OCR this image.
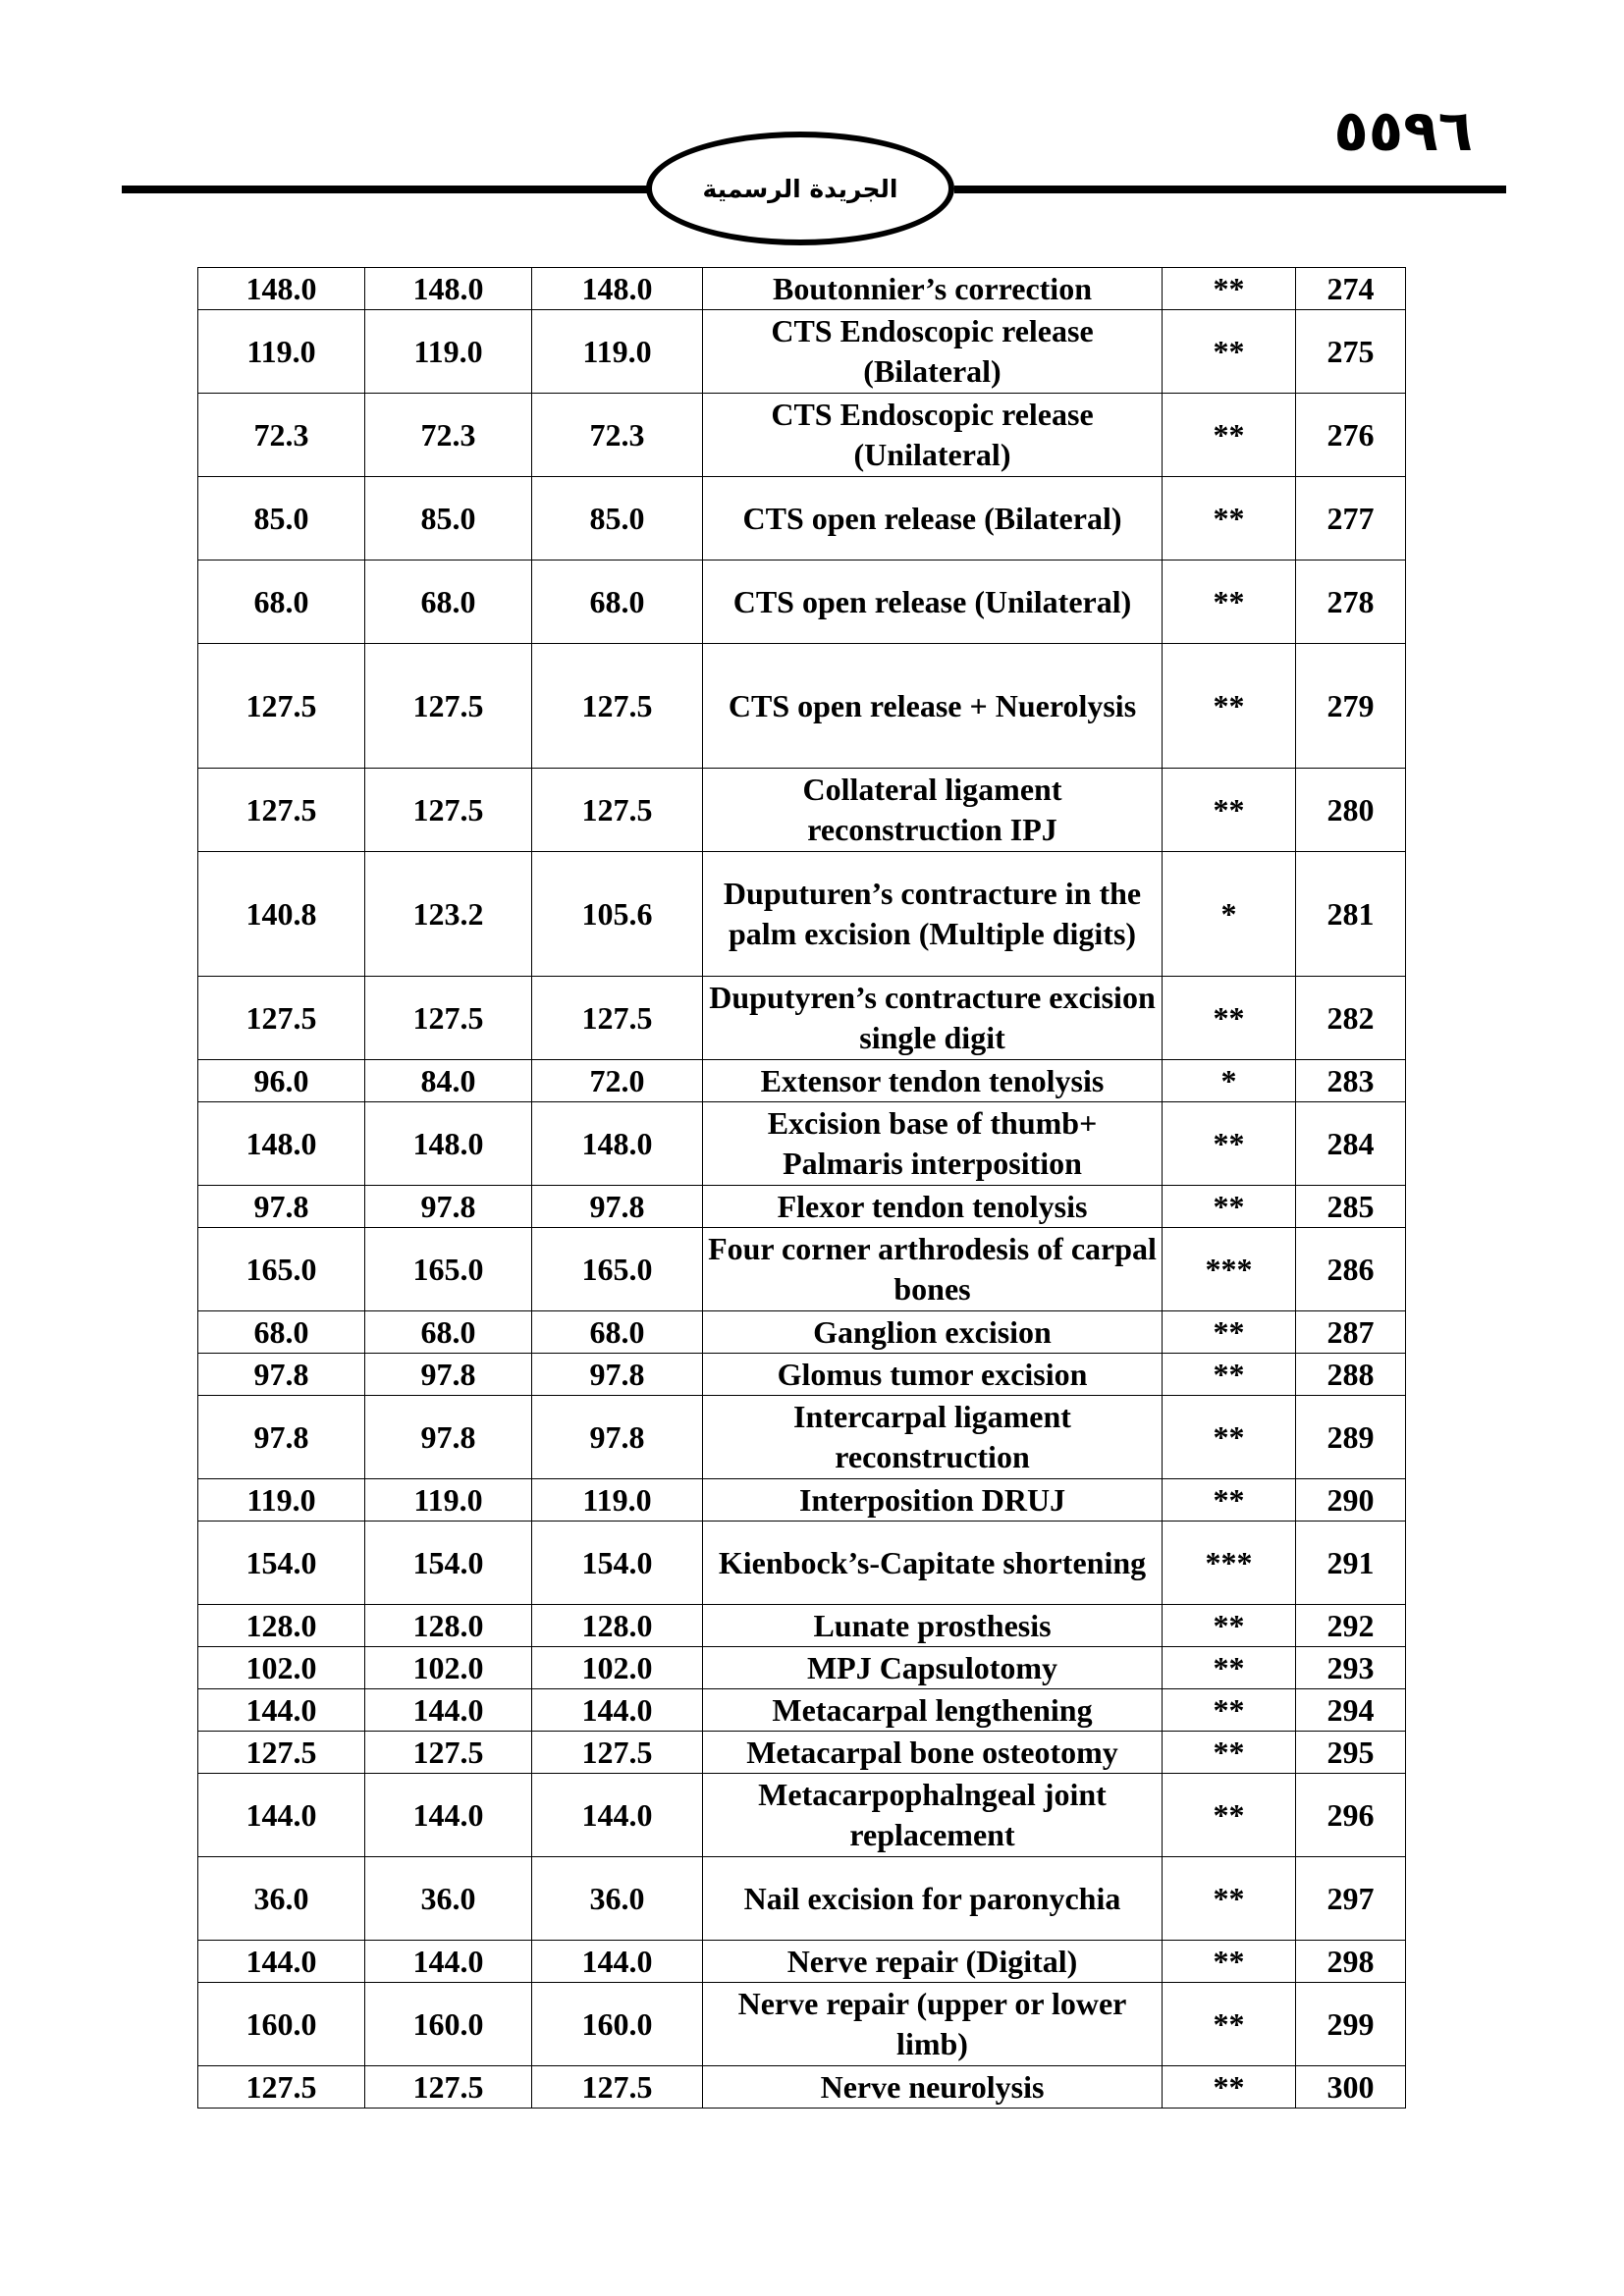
٥٥٩٦
الجريدة الرسمية
148.0	148.0	148.0	Boutonnier’s correction	**	274
119.0	119.0	119.0	CTS Endoscopic release (Bilateral)	**	275
72.3	72.3	72.3	CTS Endoscopic release (Unilateral)	**	276
85.0	85.0	85.0	CTS open release (Bilateral)	**	277
68.0	68.0	68.0	CTS open release (Unilateral)	**	278
127.5	127.5	127.5	CTS open release + Nuerolysis	**	279
127.5	127.5	127.5	Collateral ligament reconstruction IPJ	**	280
140.8	123.2	105.6	Duputuren’s contracture in the palm excision (Multiple digits)	*	281
127.5	127.5	127.5	Duputyren’s contracture excision single digit	**	282
96.0	84.0	72.0	Extensor tendon tenolysis	*	283
148.0	148.0	148.0	Excision base of thumb+ Palmaris interposition	**	284
97.8	97.8	97.8	Flexor tendon tenolysis	**	285
165.0	165.0	165.0	Four corner arthrodesis of carpal bones	***	286
68.0	68.0	68.0	Ganglion excision	**	287
97.8	97.8	97.8	Glomus tumor excision	**	288
97.8	97.8	97.8	Intercarpal ligament reconstruction	**	289
119.0	119.0	119.0	Interposition DRUJ	**	290
154.0	154.0	154.0	Kienbock’s-Capitate shortening	***	291
128.0	128.0	128.0	Lunate prosthesis	**	292
102.0	102.0	102.0	MPJ Capsulotomy	**	293
144.0	144.0	144.0	Metacarpal lengthening	**	294
127.5	127.5	127.5	Metacarpal bone osteotomy	**	295
144.0	144.0	144.0	Metacarpophalngeal joint replacement	**	296
36.0	36.0	36.0	Nail excision for paronychia	**	297
144.0	144.0	144.0	Nerve repair (Digital)	**	298
160.0	160.0	160.0	Nerve repair (upper or lower limb)	**	299
127.5	127.5	127.5	Nerve neurolysis	**	300
